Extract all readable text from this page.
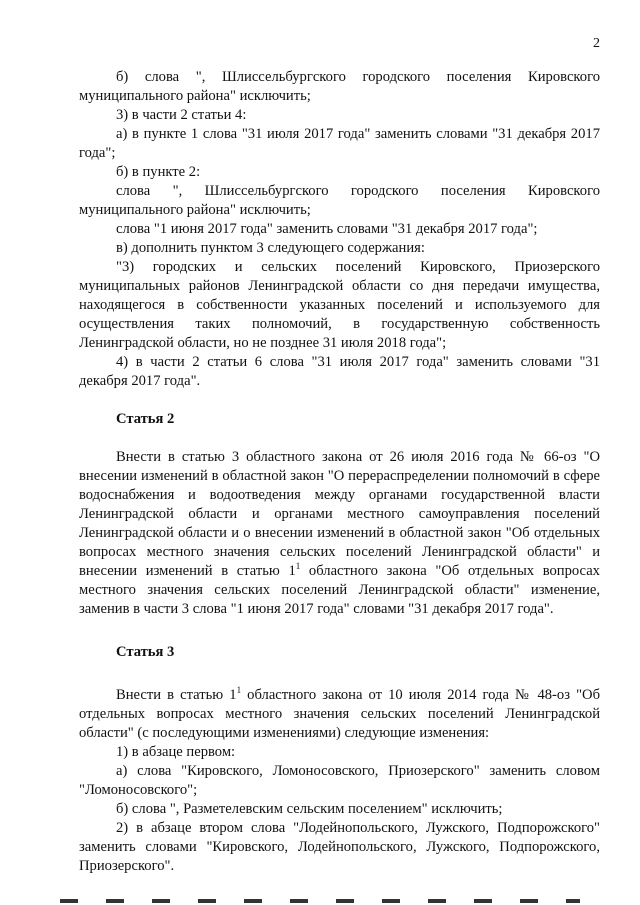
2

б) слова ", Шлиссельбургского городского поселения Кировского муниципального района" исключить;

3) в части 2 статьи 4:

а) в пункте 1 слова "31 июля 2017 года" заменить словами "31 декабря 2017 года";

б) в пункте 2:

слова ", Шлиссельбургского городского поселения Кировского муниципального района" исключить;

слова "1 июня 2017 года" заменить словами "31 декабря 2017 года";

в) дополнить пунктом 3 следующего содержания:

"3) городских и сельских поселений Кировского, Приозерского муниципальных районов Ленинградской области со дня передачи имущества, находящегося в собственности указанных поселений и используемого для осуществления таких полномочий, в государственную собственность Ленинградской области, но не позднее 31 июля 2018 года";

4) в части 2 статьи 6 слова "31 июля 2017 года" заменить словами "31 декабря 2017 года".

Статья 2

Внести в статью 3 областного закона от 26 июля 2016 года № 66-оз "О внесении изменений в областной закон "О перераспределении полномочий в сфере водоснабжения и водоотведения между органами государственной власти Ленинградской области и органами местного самоуправления поселений Ленинградской области и о внесении изменений в областной закон "Об отдельных вопросах местного значения сельских поселений Ленинградской области" и внесении изменений в статью $1^1$ областного закона "Об отдельных вопросах местного значения сельских поселений Ленинградской области" изменение, заменив в части 3 слова "1 июня 2017 года" словами "31 декабря 2017 года".

Статья 3

Внести в статью $1^1$ областного закона от 10 июля 2014 года № 48-оз "Об отдельных вопросах местного значения сельских поселений Ленинградской области" (с последующими изменениями) следующие изменения:

1) в абзаце первом:

а) слова "Кировского, Ломоносовского, Приозерского" заменить словом "Ломоносовского";

б) слова ", Разметелевским сельским поселением" исключить;

2) в абзаце втором слова "Лодейнопольского, Лужского, Подпорожского" заменить словами "Кировского, Лодейнопольского, Лужского, Подпорожского, Приозерского".
